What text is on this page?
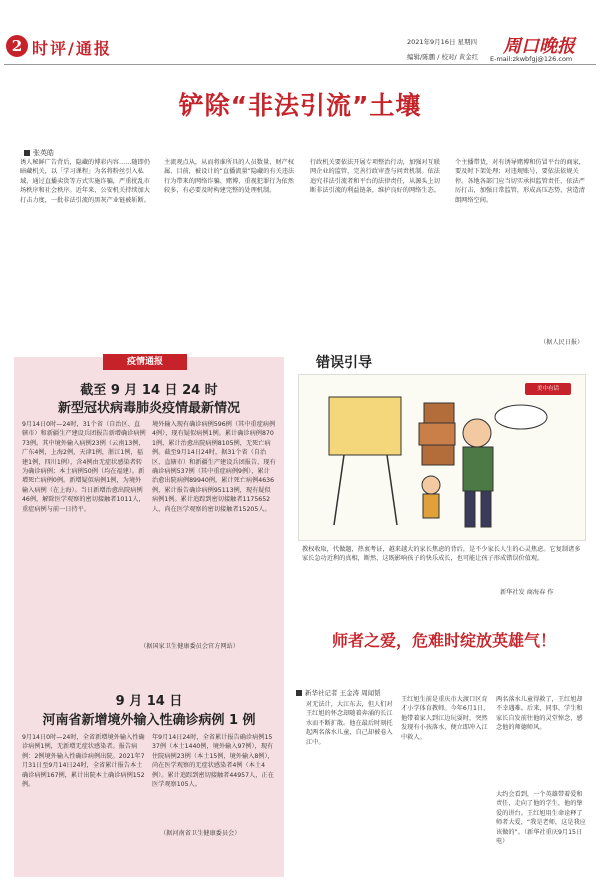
2 时评/通报	2021年9月16日 星期四
编辑/陈鹏 / 校对/ 黄金红 周口晚报
E-mail:zkwbfgj@126.com
铲除“非法引流”土壤
张英皓
诱人秘鲜广告背后，隐藏的博彩内容……随即仍暗藏机关，以「学习课程」为名将粉丝引入私域，通过直播卖货等方式实施诈骗，严重扰乱市场秩序和社会秩序。近年来，公安机关持续加大打击力度，一批非法引流的黑灰产业链被斩断。
主流观点从，从而将谁所具的人员数量、财产权属、目前，被设计的“直播流量”隐藏的有关违法行为带来的网络诈骗、赌博，重视犯罪行为依然较多，有必要及时构建完整的处理机制。
行政机关要依法开展专项整治行动，加强对互联网企业的监管，完善行政审查与问责机制。依法追究非法引流者和平台的法律责任，从源头上切断非法引流的利益链条，维护良好的网络生态。
个主播带货，对有诱导赌博和仿冒平台的商家，要及时下架处理；对违规账号，要依法依规关停。各地各部门应当切实承担监管责任，依法严厉打击，加强日常监管，形成高压态势，营造清朗网络空间。
（据人民日报）
疫情通报
截至 9 月 14 日 24 时
新型冠状病毒肺炎疫情最新情况
9月14日0时—24时，31个省（自治区、直辖市）和新疆生产建设兵团报告新增确诊病例73例。其中境外输入病例23例（云南13例，广东4例，上海2例，天津1例，浙江1例，福建1例，四川1例），含4例由无症状感染者转为确诊病例；本土病例50例（均在福建）。新增死亡病例0例。新增疑似病例1例，为境外输入病例（在上海）。当日新增治愈出院病例46例，解除医学观察的密切接触者1011人，重症病例与前一日持平。
境外输入现有确诊病例596例（其中重症病例4例），现有疑似病例1例。累计确诊病例8701例，累计治愈出院病例8105例，无死亡病例。截至9月14日24时，据31个省（自治区、直辖市）和新疆生产建设兵团报告，现有确诊病例537例（其中重症病例9例），累计治愈出院病例89940例，累计死亡病例4636例，累计报告确诊病例95113例，现有疑似病例1例。累计追踪到密切接触者1175652人，尚在医学观察的密切接触者15205人。
（据国家卫生健康委员会官方网站）
9 月 14 日
河南省新增境外输入性确诊病例 1 例
9月14日0时—24时，全省新增境外输入性确诊病例1例，无新增无症状感染者。报告病例：2例境外输入性确诊病例出院。2021年7月31日至9月14日24时，全省累计报告本土确诊病例167例，累计出院本土确诊病例152例。
年9月14日24时，全省累计报告确诊病例1537例（本土1440例，境外输入97例），现有住院病例23例（本土15例，境外输入8例），尚在医学观察的无症状感染者4例（本土4例）。累计追踪到密切接触者44957人，正在医学观察105人。
（据河南省卫生健康委员会）
错误引导
美中有话
教权收取，代做题，热衷考证，越来越大的家长焦虑的背后，是不少家长人生的心灵焦虑。它复制诸多家长急功近利的真相，断然，这既影响孩子的快乐成长，也可能让孩子形成错误价值观。
新华社发 商海春 作
师者之爱，危难时绽放英雄气！
新华社记者 王金涛 周闻韬
对无法计，大江东去，但人们对王红旭的怀念却随着奔涌的长江水而不断扩散。他在最后时刻托起两名落水儿童，自己却被卷入江中。
王红旭生前是重庆市大渡口区育才小学体育教师。今年6月1日，他带着家人到江边玩耍时，突然发现有小孩落水，便立即冲入江中救人。
两名落水儿童得救了，王红旭却不幸遇难。后来，同事、学生和家长自发前往他的灵堂悼念，感念他的师德师风。
大约会看到，一个英雄带着爱和责任，走向了他的学生，他的挚爱的讲台。王红旭用生命诠释了师者大爱，“我是老师，这是我应该做的”。（新华社重庆9月15日电）
